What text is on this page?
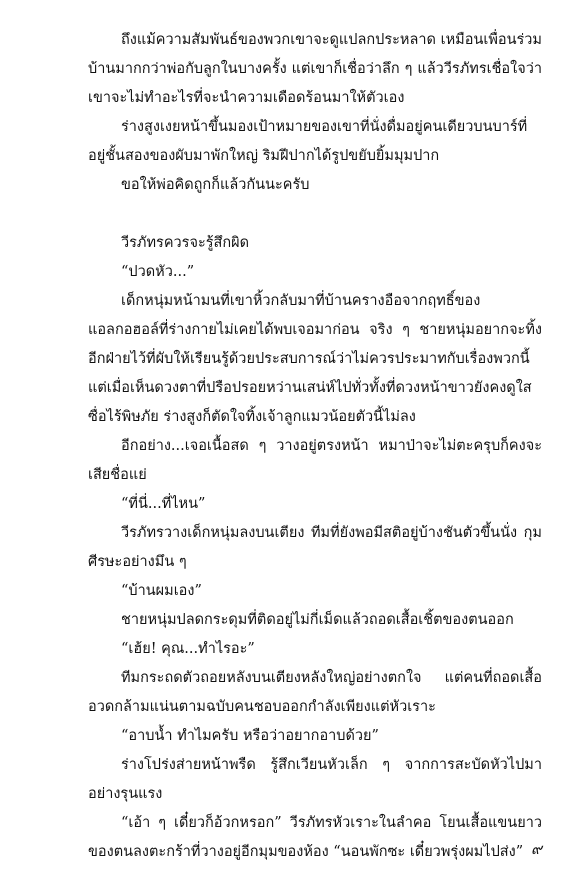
ถึงแม้ความสัมพันธ์ของพวกเขาจะดูแปลกประหลาด เหมือนเพื่อนร่วมบ้านมากกว่าพ่อกับลูกในบางครั้ง แต่เขาก็เชื่อว่าลึก ๆ แล้ววีรภัทรเชื่อใจว่าเขาจะไม่ทำอะไรที่จะนำความเดือดร้อนมาให้ตัวเอง

ร่างสูงเงยหน้าขึ้นมองเป้าหมายของเขาที่นั่งดื่มอยู่คนเดียวบนบาร์ที่อยู่ชั้นสองของผับมาพักใหญ่ ริมฝีปากได้รูปขยับยิ้มมุมปาก

ขอให้พ่อคิดถูกก็แล้วกันนะครับ

วีรภัทรควรจะรู้สึกผิด

“ปวดหัว...”

เด็กหนุ่มหน้ามนที่เขาหิ้วกลับมาที่บ้านครางอือจากฤทธิ์ของแอลกอฮอล์ที่ร่างกายไม่เคยได้พบเจอมาก่อน จริง ๆ ชายหนุ่มอยากจะทิ้งอีกฝ่ายไว้ที่ผับให้เรียนรู้ด้วยประสบการณ์ว่าไม่ควรประมาทกับเรื่องพวกนี้ แต่เมื่อเห็นดวงตาที่ปรือปรอยหว่านเสน่ห์ไปทั่วทั้งที่ดวงหน้าขาวยังคงดูใสซื่อไร้พิษภัย ร่างสูงก็ตัดใจทิ้งเจ้าลูกแมวน้อยตัวนี้ไม่ลง

อีกอย่าง...เจอเนื้อสด ๆ วางอยู่ตรงหน้า หมาป่าจะไม่ตะครุบก็คงจะเสียชื่อแย่

“ที่นี่...ที่ไหน”

วีรภัทรวางเด็กหนุ่มลงบนเตียง ทีมที่ยังพอมีสติอยู่บ้างชันตัวขึ้นนั่ง กุมศีรษะอย่างมึน ๆ

“บ้านผมเอง”

ชายหนุ่มปลดกระดุมที่ติดอยู่ไม่กี่เม็ดแล้วถอดเสื้อเชิ้ตของตนออก

“เฮ้ย! คุณ...ทำไรอะ”

ทีมกระถดตัวถอยหลังบนเตียงหลังใหญ่อย่างตกใจ แต่คนที่ถอดเสื้ออวดกล้ามแน่นตามฉบับคนชอบออกกำลังเพียงแต่หัวเราะ

“อาบน้ำ ทำไมครับ หรือว่าอยากอาบด้วย”

ร่างโปร่งส่ายหน้าพรืด รู้สึกเวียนหัวเล็ก ๆ จากการสะบัดหัวไปมาอย่างรุนแรง

“เอ้า ๆ เดี๋ยวก็อ้วกหรอก” วีรภัทรหัวเราะในลำคอ โยนเสื้อแขนยาวของตนลงตะกร้าที่วางอยู่อีกมุมของห้อง “นอนพักซะ เดี๋ยวพรุ่งผมไปส่ง” ๙
